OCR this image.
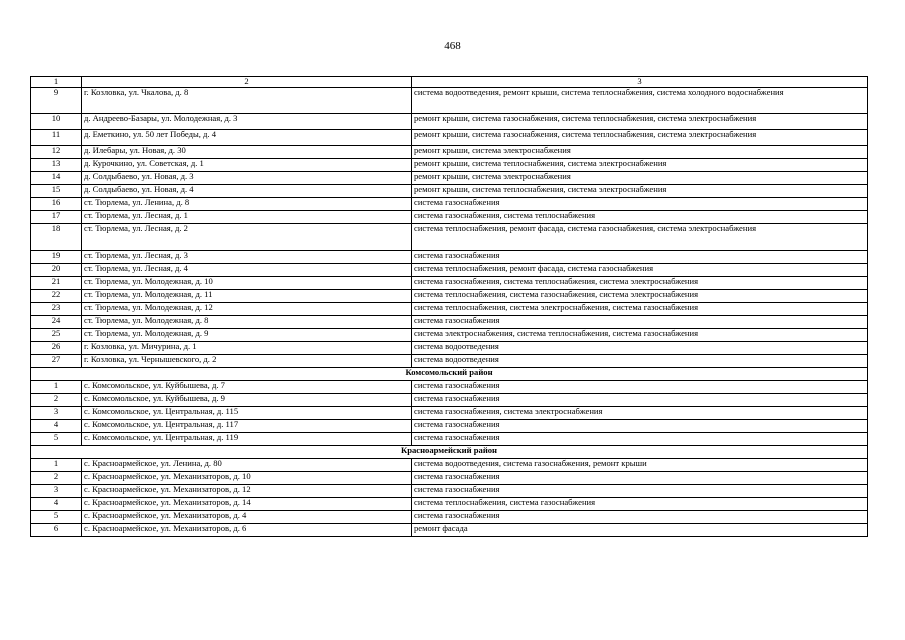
468
1	2	3
9	г. Козловка, ул. Чкалова, д. 8	система водоотведения, ремонт крыши, система теплоснабжения, система холодного водоснабжения
10	д. Андреево-Базары, ул. Молодежная, д. 3	ремонт крыши, система газоснабжения, система теплоснабжения, система электроснабжения
11	д. Еметкино, ул. 50 лет Победы, д. 4	ремонт крыши, система газоснабжения, система теплоснабжения, система электроснабжения
12	д. Илебары, ул. Новая, д. 30	ремонт крыши, система электроснабжения
13	д. Курочкино, ул. Советская, д. 1	ремонт крыши, система теплоснабжения, система электроснабжения
14	д. Солдыбаево, ул. Новая, д. 3	ремонт крыши, система электроснабжения
15	д. Солдыбаево, ул. Новая, д. 4	ремонт крыши, система теплоснабжения, система электроснабжения
16	ст. Тюрлема, ул. Ленина, д. 8	система газоснабжения
17	ст. Тюрлема, ул. Лесная, д. 1	система газоснабжения, система теплоснабжения
18	ст. Тюрлема, ул. Лесная, д. 2	система теплоснабжения, ремонт фасада, система газоснабжения, система электроснабжения
19	ст. Тюрлема, ул. Лесная, д. 3	система газоснабжения
20	ст. Тюрлема, ул. Лесная, д. 4	система теплоснабжения, ремонт фасада, система газоснабжения
21	ст. Тюрлема, ул. Молодежная, д. 10	система газоснабжения, система теплоснабжения, система электроснабжения
22	ст. Тюрлема, ул. Молодежная, д. 11	система теплоснабжения, система газоснабжения, система электроснабжения
23	ст. Тюрлема, ул. Молодежная, д. 12	система теплоснабжения, система электроснабжения, система газоснабжения
24	ст. Тюрлема, ул. Молодежная, д. 8	система газоснабжения
25	ст. Тюрлема, ул. Молодежная, д. 9	система электроснабжения, система теплоснабжения, система газоснабжения
26	г. Козловка, ул. Мичурина, д. 1	система водоотведения
27	г. Козловка, ул. Чернышевского, д. 2	система водоотведения
Комсомольский район		
1	с. Комсомольское, ул. Куйбышева, д. 7	система газоснабжения
2	с. Комсомольское, ул. Куйбышева, д. 9	система газоснабжения
3	с. Комсомольское, ул. Центральная, д. 115	система газоснабжения, система электроснабжения
4	с. Комсомольское, ул. Центральная, д. 117	система газоснабжения
5	с. Комсомольское, ул. Центральная, д. 119	система газоснабжения
Красноармейский район		
1	с. Красноармейское, ул. Ленина, д. 80	система водоотведения, система газоснабжения, ремонт крыши
2	с. Красноармейское, ул. Механизаторов, д. 10	система газоснабжения
3	с. Красноармейское, ул. Механизаторов, д. 12	система газоснабжения
4	с. Красноармейское, ул. Механизаторов, д. 14	система теплоснабжения, система газоснабжения
5	с. Красноармейское, ул. Механизаторов, д. 4	система газоснабжения
6	с. Красноармейское, ул. Механизаторов, д. 6	ремонт фасада
